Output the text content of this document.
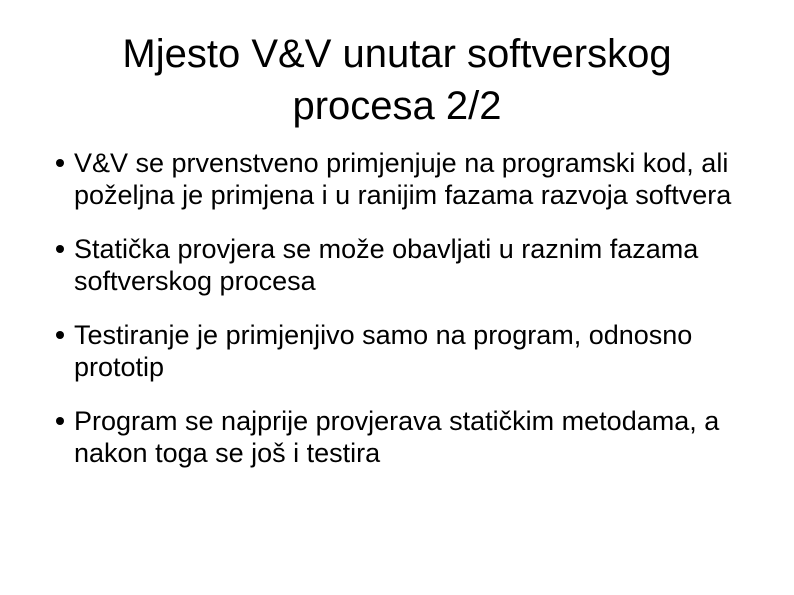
Mjesto V&V unutar softverskog
procesa 2/2
V&V se prvenstveno primjenjuje na programski kod, ali poželjna je primjena i u ranijim fazama razvoja softvera
Statička provjera se može obavljati u raznim fazama softverskog procesa
Testiranje je primjenjivo samo na program, odnosno prototip
Program se najprije provjerava statičkim metodama, a nakon toga se još i testira
